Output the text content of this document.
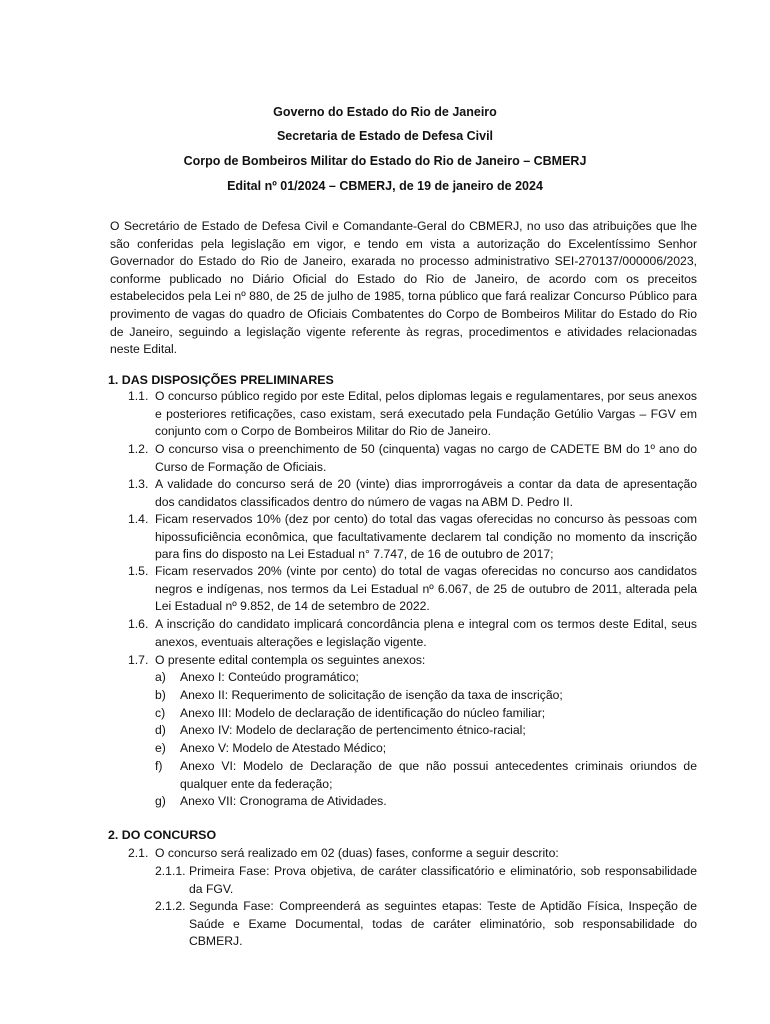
Governo do Estado do Rio de Janeiro
Secretaria de Estado de Defesa Civil
Corpo de Bombeiros Militar do Estado do Rio de Janeiro – CBMERJ
Edital nº 01/2024 – CBMERJ, de 19 de janeiro de 2024
O Secretário de Estado de Defesa Civil e Comandante-Geral do CBMERJ, no uso das atribuições que lhe são conferidas pela legislação em vigor, e tendo em vista a autorização do Excelentíssimo Senhor Governador do Estado do Rio de Janeiro, exarada no processo administrativo SEI-270137/000006/2023, conforme publicado no Diário Oficial do Estado do Rio de Janeiro, de acordo com os preceitos estabelecidos pela Lei nº 880, de 25 de julho de 1985, torna público que fará realizar Concurso Público para provimento de vagas do quadro de Oficiais Combatentes do Corpo de Bombeiros Militar do Estado do Rio de Janeiro, seguindo a legislação vigente referente às regras, procedimentos e atividades relacionadas neste Edital.
1. DAS DISPOSIÇÕES PRELIMINARES
1.1. O concurso público regido por este Edital, pelos diplomas legais e regulamentares, por seus anexos e posteriores retificações, caso existam, será executado pela Fundação Getúlio Vargas – FGV em conjunto com o Corpo de Bombeiros Militar do Rio de Janeiro.
1.2. O concurso visa o preenchimento de 50 (cinquenta) vagas no cargo de CADETE BM do 1º ano do Curso de Formação de Oficiais.
1.3. A validade do concurso será de 20 (vinte) dias improrrogáveis a contar da data de apresentação dos candidatos classificados dentro do número de vagas na ABM D. Pedro II.
1.4. Ficam reservados 10% (dez por cento) do total das vagas oferecidas no concurso às pessoas com hipossuficiência econômica, que facultativamente declarem tal condição no momento da inscrição para fins do disposto na Lei Estadual n° 7.747, de 16 de outubro de 2017;
1.5. Ficam reservados 20% (vinte por cento) do total de vagas oferecidas no concurso aos candidatos negros e indígenas, nos termos da Lei Estadual nº 6.067, de 25 de outubro de 2011, alterada pela Lei Estadual nº 9.852, de 14 de setembro de 2022.
1.6. A inscrição do candidato implicará concordância plena e integral com os termos deste Edital, seus anexos, eventuais alterações e legislação vigente.
1.7. O presente edital contempla os seguintes anexos:
a)	Anexo I: Conteúdo programático;
b)	Anexo II: Requerimento de solicitação de isenção da taxa de inscrição;
c)	Anexo III: Modelo de declaração de identificação do núcleo familiar;
d)	Anexo IV: Modelo de declaração de pertencimento étnico-racial;
e)	Anexo V: Modelo de Atestado Médico;
f)	Anexo VI: Modelo de Declaração de que não possui antecedentes criminais oriundos de qualquer ente da federação;
g)	Anexo VII: Cronograma de Atividades.
2. DO CONCURSO
2.1. O concurso será realizado em 02 (duas) fases, conforme a seguir descrito:
2.1.1. Primeira Fase: Prova objetiva, de caráter classificatório e eliminatório, sob responsabilidade da FGV.
2.1.2. Segunda Fase: Compreenderá as seguintes etapas: Teste de Aptidão Física, Inspeção de Saúde e Exame Documental, todas de caráter eliminatório, sob responsabilidade do CBMERJ.
